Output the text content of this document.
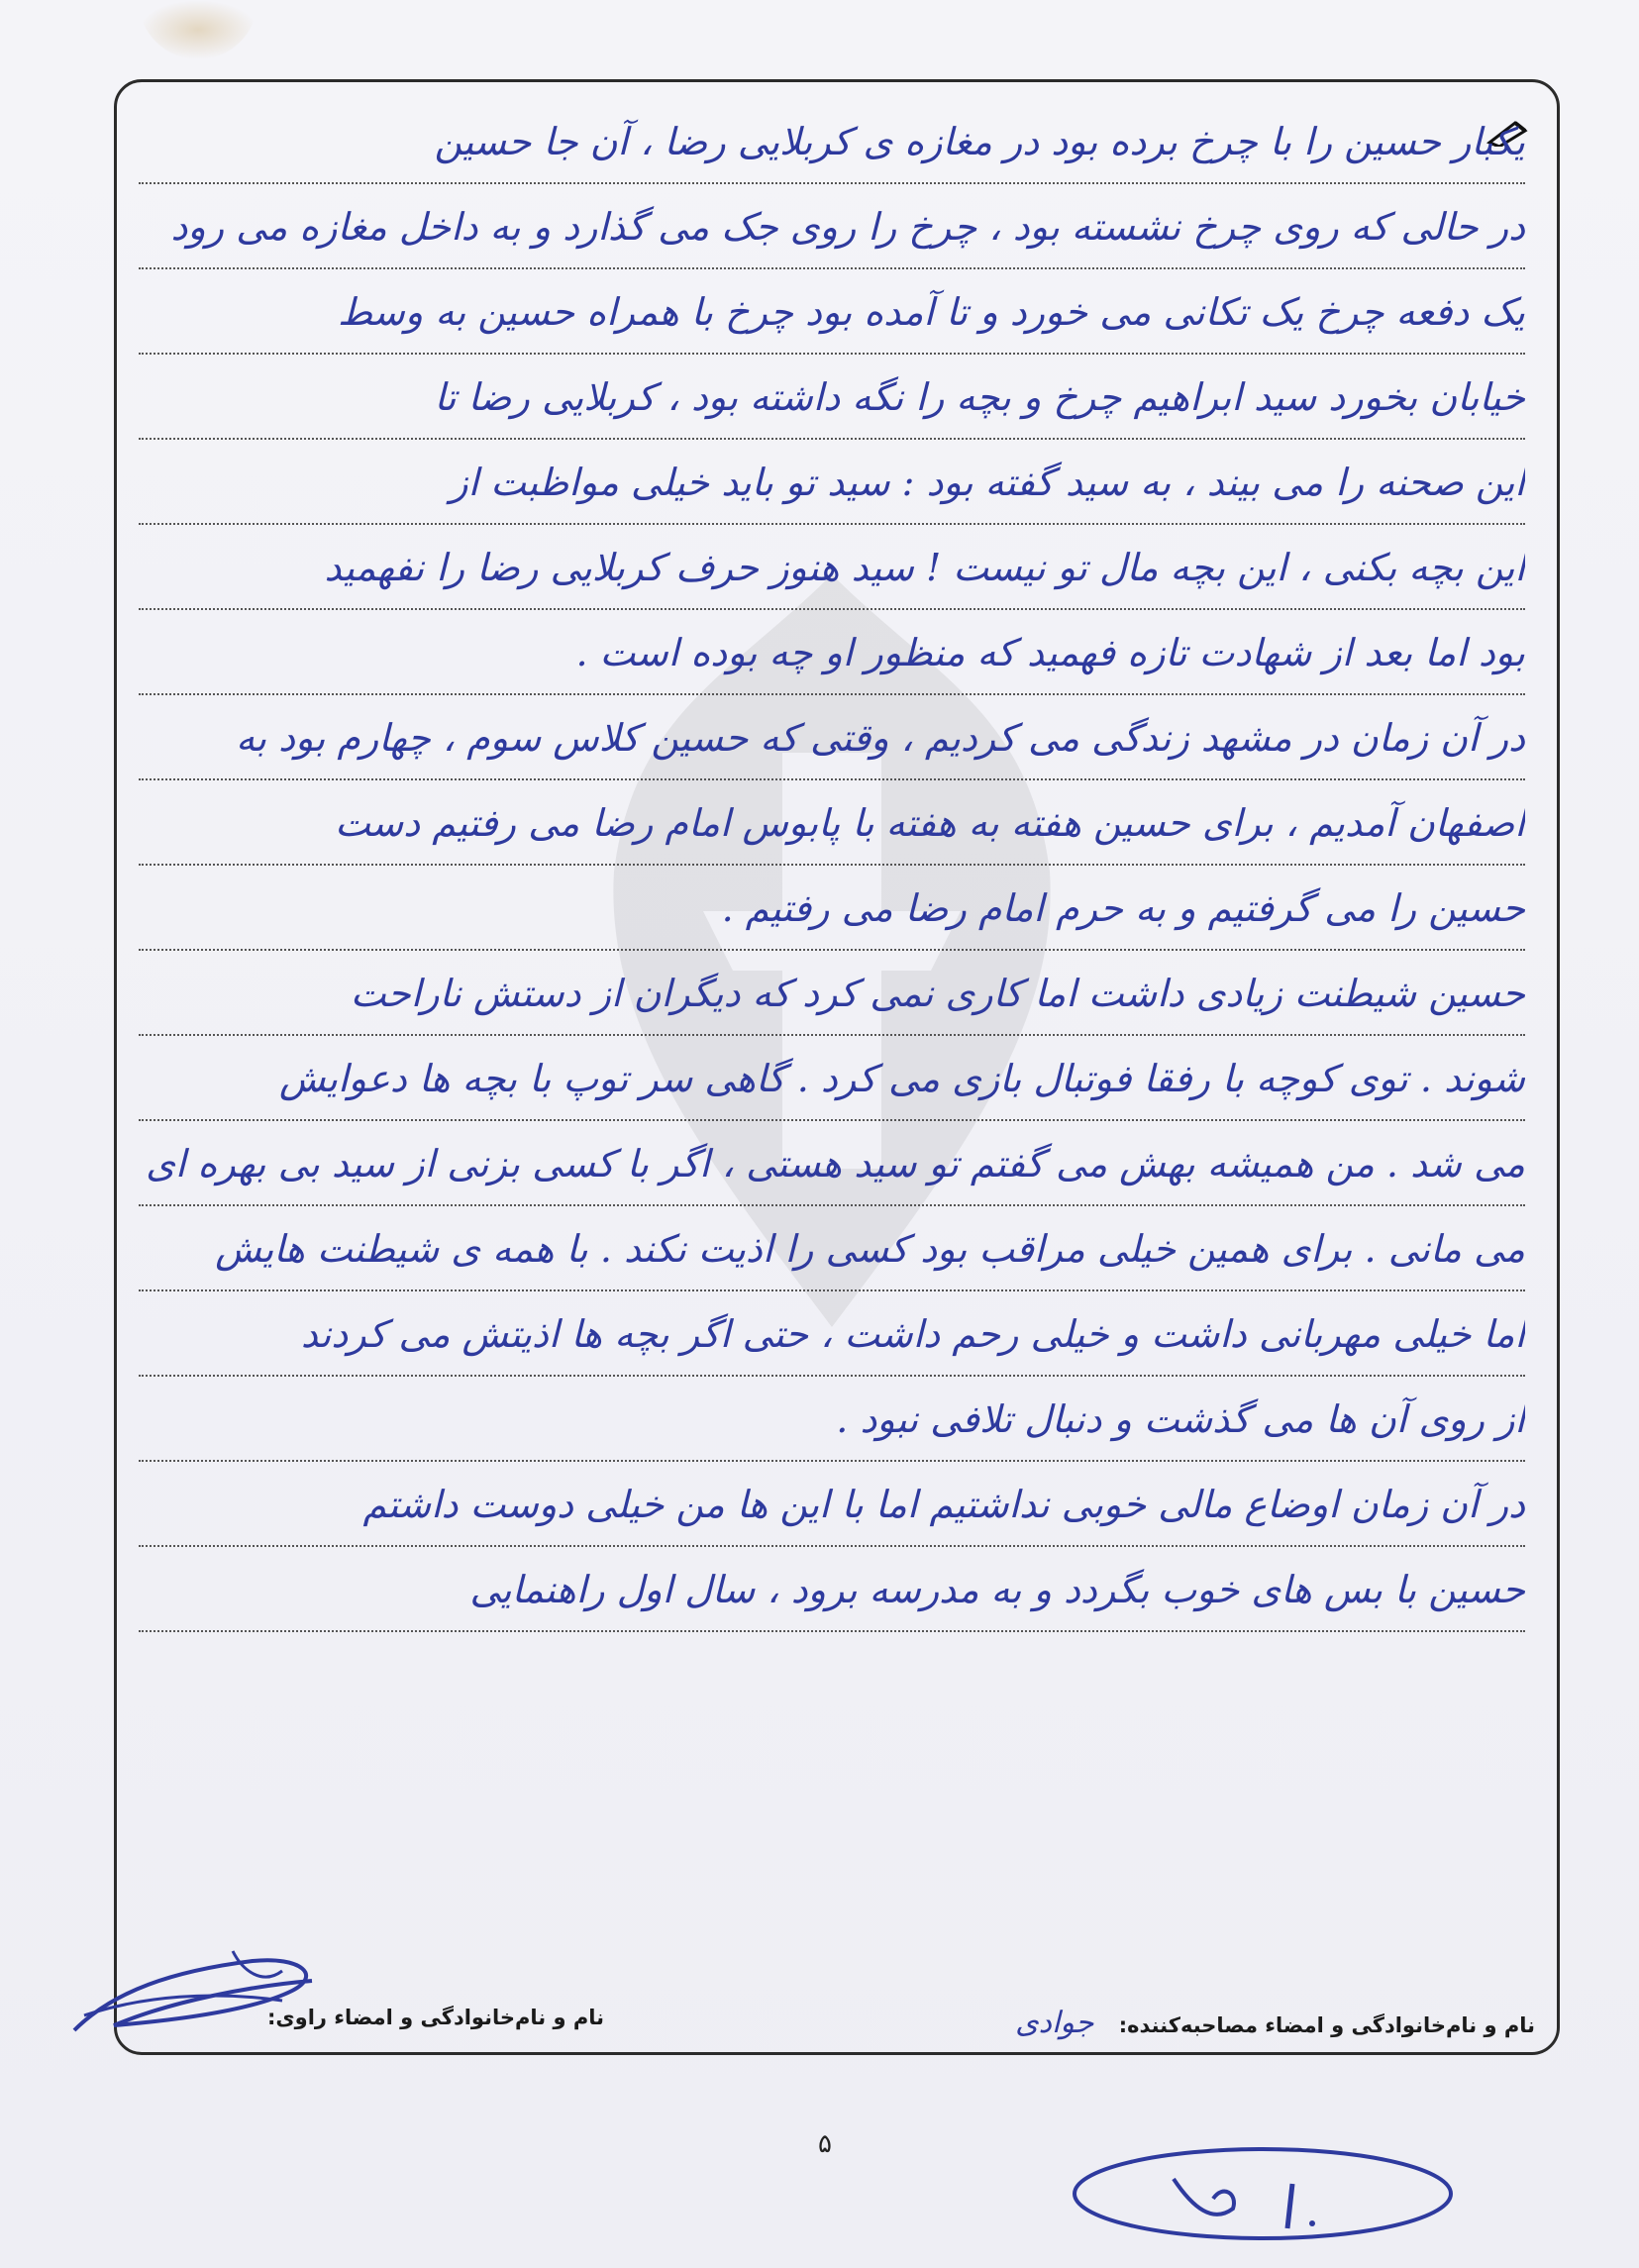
یکبار حسین را با چرخ برده بود در مغازه ی کربلایی رضا ، آن جا حسین
در حالی که روی چرخ نشسته بود ، چرخ را روی جک می گذارد و به داخل مغازه می رود
یک دفعه چرخ یک تکانی می خورد و تا آمده بود چرخ با همراه حسین به وسط
خیابان بخورد سید ابراهیم چرخ و بچه را نگه داشته بود ، کربلایی رضا تا
این صحنه را می بیند ، به سید گفته بود : سید تو باید خیلی مواظبت از
این بچه بکنی ، این بچه مال تو نیست ! سید هنوز حرف کربلایی رضا را نفهمید
بود اما بعد از شهادت تازه فهمید که منظور او چه بوده است .
در آن زمان در مشهد زندگی می کردیم ، وقتی که حسین کلاس سوم ، چهارم بود به
اصفهان آمدیم ، برای حسین هفته به هفته با پابوس امام رضا می رفتیم دست
حسین را می گرفتیم و به حرم امام رضا می رفتیم .
حسین شیطنت زیادی داشت اما کاری نمی کرد که دیگران از دستش ناراحت
شوند . توی کوچه با رفقا فوتبال بازی می کرد . گاهی سر توپ با بچه ها دعوایش
می شد . من همیشه بهش می گفتم تو سید هستی ، اگر با کسی بزنی از سید بی بهره ای
می مانی . برای همین خیلی مراقب بود کسی را اذیت نکند . با همه ی شیطنت هایش
اما خیلی مهربانی داشت و خیلی رحم داشت ، حتی اگر بچه ها اذیتش می کردند
از روی آن ها می گذشت و دنبال تلافی نبود .
در آن زمان اوضاع مالی خوبی نداشتیم اما با این ها من خیلی دوست داشتم
حسین با بس های خوب بگردد و به مدرسه برود ، سال اول راهنمایی
نام و نام‌خانوادگی و امضاء مصاحبه‌کننده: جوادی
نام و نام‌خانوادگی و امضاء راوی:
۵
